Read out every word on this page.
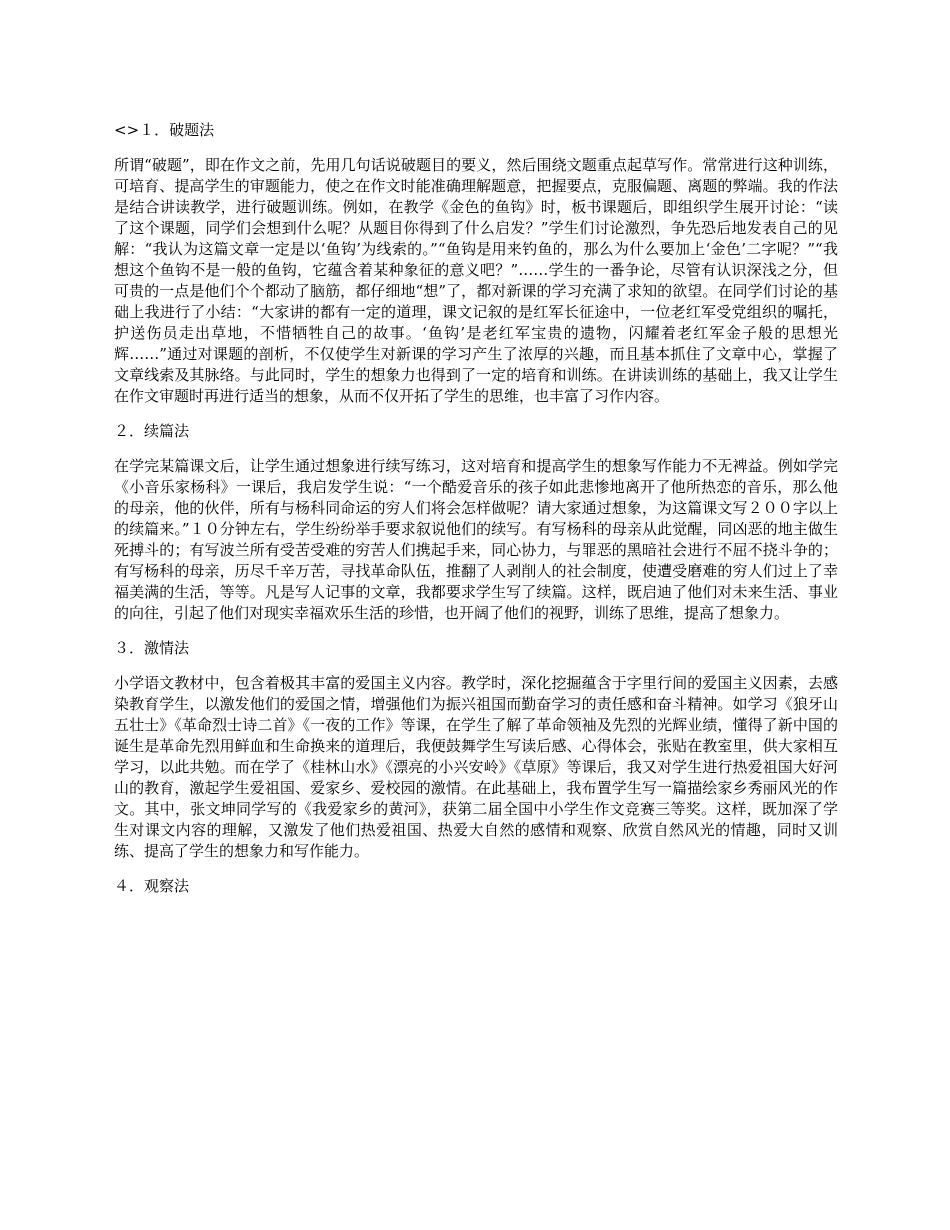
<>１．破题法

所谓“破题”，即在作文之前，先用几句话说破题目的要义，然后围绕文题重点起草写作。常常进行这种训练，可培育、提高学生的审题能力，使之在作文时能准确理解题意，把握要点，克服偏题、离题的弊端。我的作法是结合讲读教学，进行破题训练。例如，在教学《金色的鱼钩》时，板书课题后，即组织学生展开讨论：“读了这个课题，同学们会想到什么呢？从题目你得到了什么启发？”学生们讨论激烈，争先恐后地发表自己的见解：“我认为这篇文章一定是以‘鱼钩’为线索的。”“鱼钩是用来钓鱼的，那么为什么要加上‘金色’二字呢？”“我想这个鱼钩不是一般的鱼钩，它蕴含着某种象征的意义吧？”……学生的一番争论，尽管有认识深浅之分，但可贵的一点是他们个个都动了脑筋，都仔细地“想”了，都对新课的学习充满了求知的欲望。在同学们讨论的基础上我进行了小结：“大家讲的都有一定的道理，课文记叙的是红军长征途中，一位老红军受党组织的嘱托，护送伤员走出草地，不惜牺牲自己的故事。‘鱼钩’是老红军宝贵的遗物，闪耀着老红军金子般的思想光辉……”通过对课题的剖析，不仅使学生对新课的学习产生了浓厚的兴趣，而且基本抓住了文章中心，掌握了文章线索及其脉络。与此同时，学生的想象力也得到了一定的培育和训练。在讲读训练的基础上，我又让学生在作文审题时再进行适当的想象，从而不仅开拓了学生的思维，也丰富了习作内容。

２．续篇法

在学完某篇课文后，让学生通过想象进行续写练习，这对培育和提高学生的想象写作能力不无裨益。例如学完《小音乐家杨科》一课后，我启发学生说：“一个酷爱音乐的孩子如此悲惨地离开了他所热恋的音乐，那么他的母亲，他的伙伴，所有与杨科同命运的穷人们将会怎样做呢？请大家通过想象，为这篇课文写２００字以上的续篇来。”１０分钟左右，学生纷纷举手要求叙说他们的续写。有写杨科的母亲从此觉醒，同凶恶的地主做生死搏斗的；有写波兰所有受苦受难的穷苦人们携起手来，同心协力，与罪恶的黑暗社会进行不屈不挠斗争的；有写杨科的母亲，历尽千辛万苦，寻找革命队伍，推翻了人剥削人的社会制度，使遭受磨难的穷人们过上了幸福美满的生活，等等。凡是写人记事的文章，我都要求学生写了续篇。这样，既启迪了他们对未来生活、事业的向往，引起了他们对现实幸福欢乐生活的珍惜，也开阔了他们的视野，训练了思维，提高了想象力。

３．激情法

小学语文教材中，包含着极其丰富的爱国主义内容。教学时，深化挖掘蕴含于字里行间的爱国主义因素，去感染教育学生，以激发他们的爱国之情，增强他们为振兴祖国而勤奋学习的责任感和奋斗精神。如学习《狼牙山五壮士》《革命烈士诗二首》《一夜的工作》等课，在学生了解了革命领袖及先烈的光辉业绩，懂得了新中国的诞生是革命先烈用鲜血和生命换来的道理后，我便鼓舞学生写读后感、心得体会，张贴在教室里，供大家相互学习，以此共勉。而在学了《桂林山水》《漂亮的小兴安岭》《草原》等课后，我又对学生进行热爱祖国大好河山的教育，激起学生爱祖国、爱家乡、爱校园的激情。在此基础上，我布置学生写一篇描绘家乡秀丽风光的作文。其中，张文坤同学写的《我爱家乡的黄河》，获第二届全国中小学生作文竞赛三等奖。这样，既加深了学生对课文内容的理解，又激发了他们热爱祖国、热爱大自然的感情和观察、欣赏自然风光的情趣，同时又训练、提高了学生的想象力和写作能力。

４．观察法
